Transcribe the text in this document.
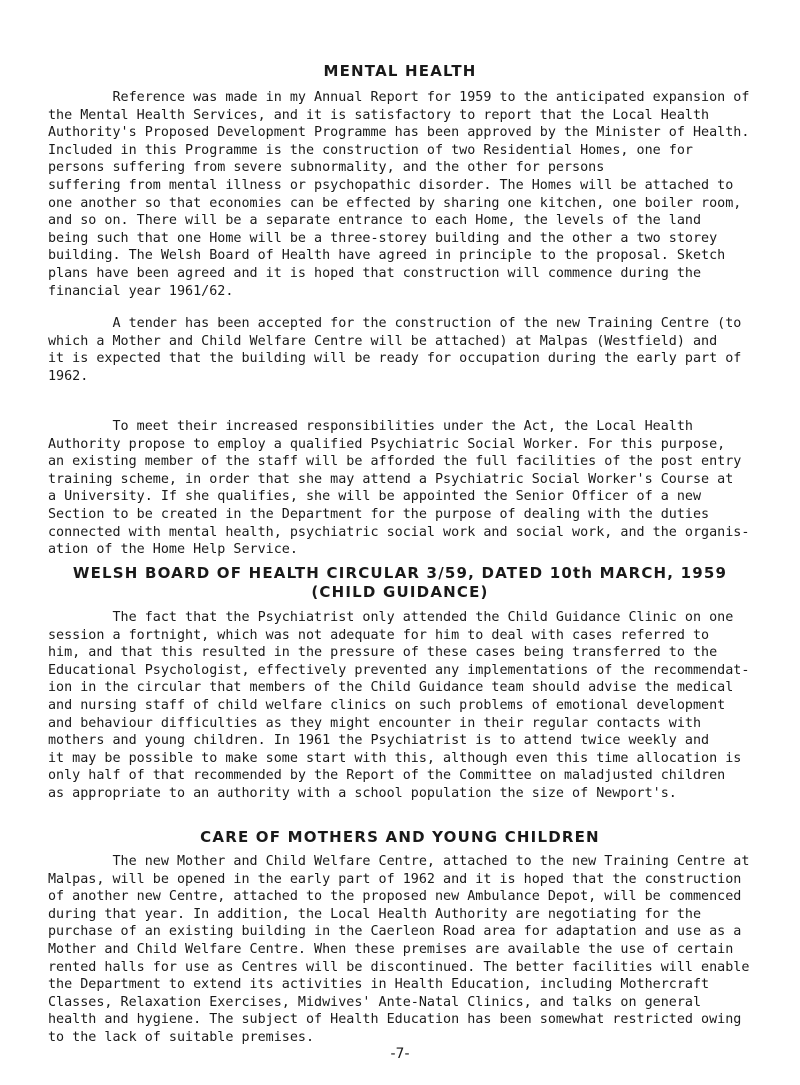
MENTAL HEALTH
Reference was made in my Annual Report for 1959 to the anticipated expansion of
the Mental Health Services, and it is satisfactory to report that the Local Health
Authority's Proposed Development Programme has been approved by the Minister of Health.
Included in this Programme is the construction of two Residential Homes, one for
persons suffering from severe subnormality, and the other for persons
suffering from mental illness or psychopathic disorder. The Homes will be attached to
one another so that economies can be effected by sharing one kitchen, one boiler room,
and so on. There will be a separate entrance to each Home, the levels of the land
being such that one Home will be a three-storey building and the other a two storey
building. The Welsh Board of Health have agreed in principle to the proposal. Sketch
plans have been agreed and it is hoped that construction will commence during the
financial year 1961/62.
A tender has been accepted for the construction of the new Training Centre (to
which a Mother and Child Welfare Centre will be attached) at Malpas (Westfield) and
it is expected that the building will be ready for occupation during the early part of
1962.
To meet their increased responsibilities under the Act, the Local Health
Authority propose to employ a qualified Psychiatric Social Worker. For this purpose,
an existing member of the staff will be afforded the full facilities of the post entry
training scheme, in order that she may attend a Psychiatric Social Worker's Course at
a University. If she qualifies, she will be appointed the Senior Officer of a new
Section to be created in the Department for the purpose of dealing with the duties
connected with mental health, psychiatric social work and social work, and the organis-
ation of the Home Help Service.
WELSH BOARD OF HEALTH CIRCULAR 3/59, DATED 10th MARCH, 1959
(CHILD GUIDANCE)
The fact that the Psychiatrist only attended the Child Guidance Clinic on one
session a fortnight, which was not adequate for him to deal with cases referred to
him, and that this resulted in the pressure of these cases being transferred to the
Educational Psychologist, effectively prevented any implementations of the recommendat-
ion in the circular that members of the Child Guidance team should advise the medical
and nursing staff of child welfare clinics on such problems of emotional development
and behaviour difficulties as they might encounter in their regular contacts with
mothers and young children. In 1961 the Psychiatrist is to attend twice weekly and
it may be possible to make some start with this, although even this time allocation is
only half of that recommended by the Report of the Committee on maladjusted children
as appropriate to an authority with a school population the size of Newport's.
CARE OF MOTHERS AND YOUNG CHILDREN
The new Mother and Child Welfare Centre, attached to the new Training Centre at
Malpas, will be opened in the early part of 1962 and it is hoped that the construction
of another new Centre, attached to the proposed new Ambulance Depot, will be commenced
during that year. In addition, the Local Health Authority are negotiating for the
purchase of an existing building in the Caerleon Road area for adaptation and use as a
Mother and Child Welfare Centre. When these premises are available the use of certain
rented halls for use as Centres will be discontinued. The better facilities will enable
the Department to extend its activities in Health Education, including Mothercraft
Classes, Relaxation Exercises, Midwives' Ante-Natal Clinics, and talks on general
health and hygiene. The subject of Health Education has been somewhat restricted owing
to the lack of suitable premises.
-7-
